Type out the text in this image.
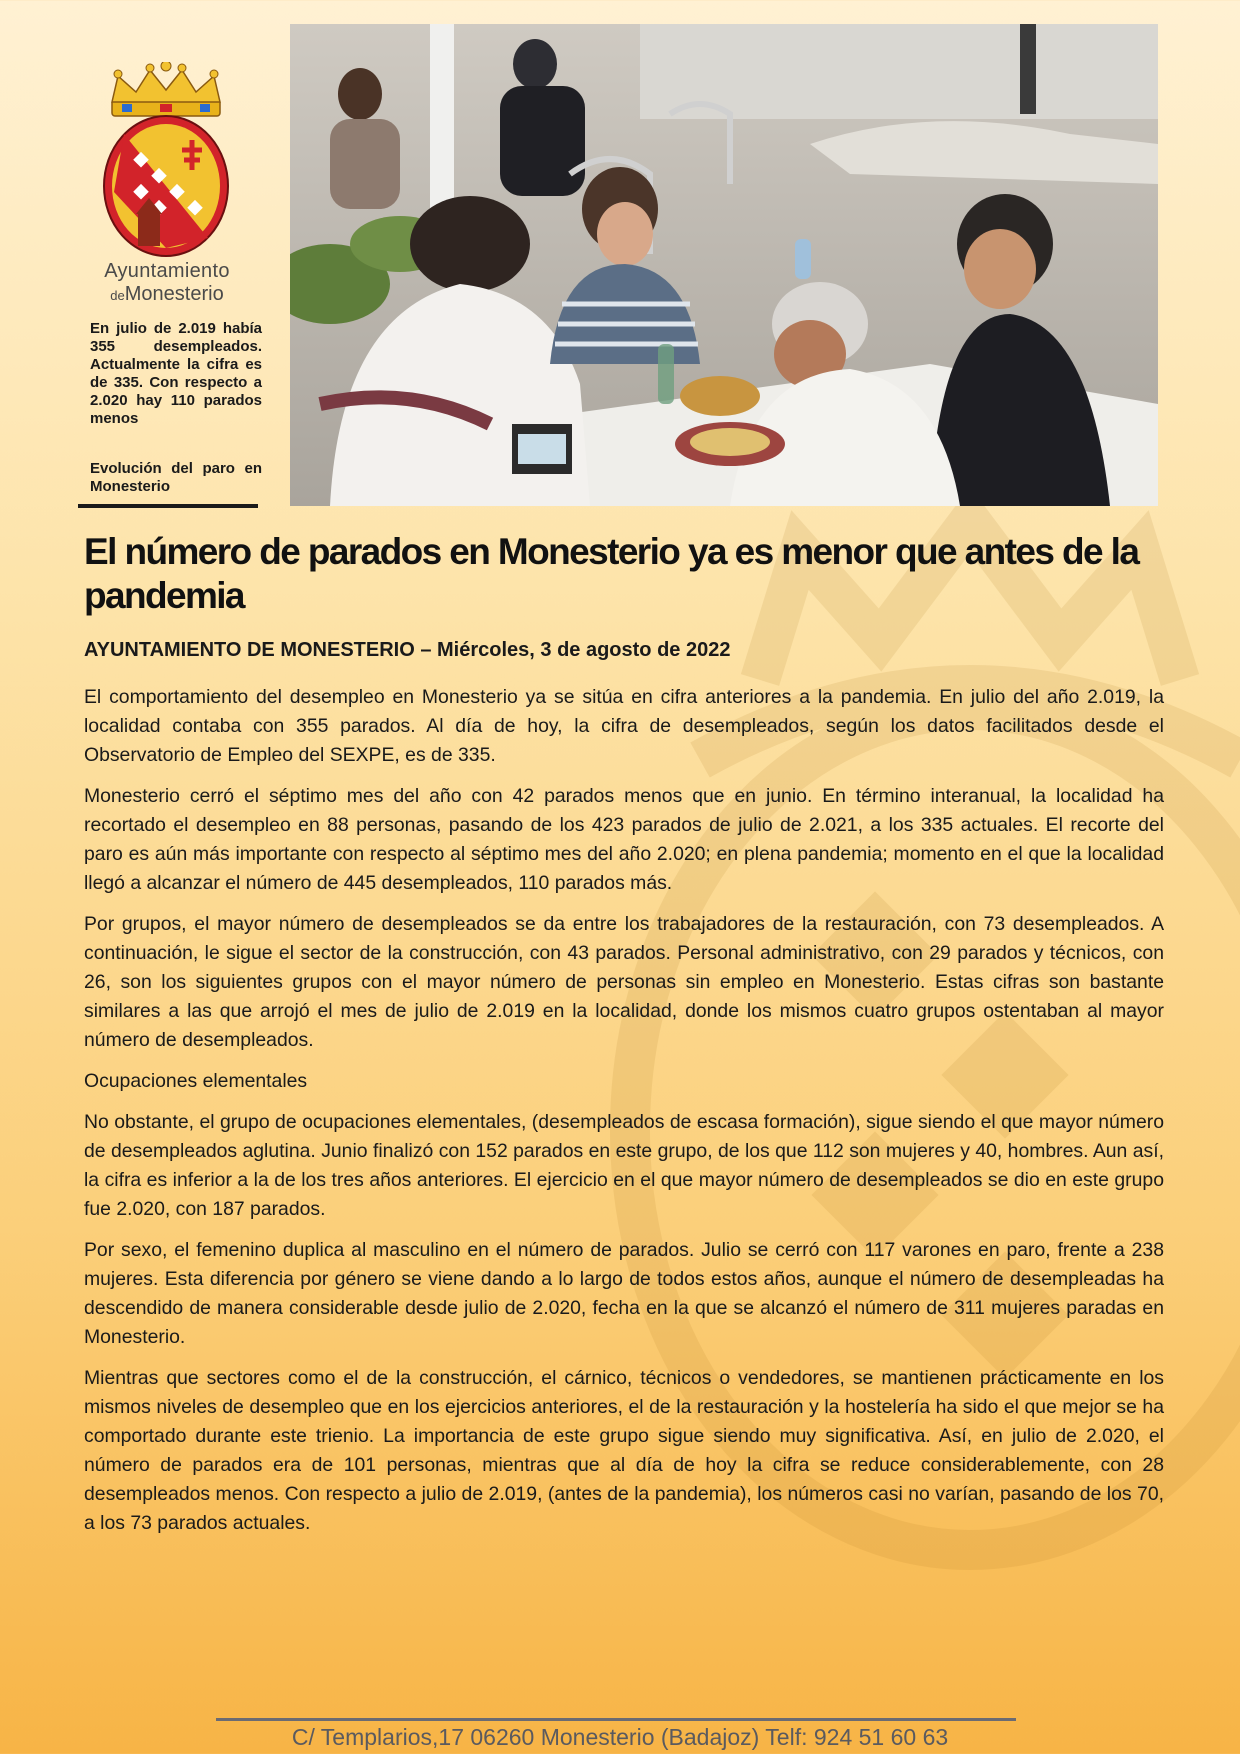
Ayuntamiento
deMonesterio
En julio de 2.019 había 355 desempleados. Actualmente la cifra es de 335. Con respecto a 2.020 hay 110 parados menos
Evolución del paro en Monesterio
El número de parados en Monesterio ya es menor que antes de la pandemia
AYUNTAMIENTO DE MONESTERIO – Miércoles, 3 de agosto de 2022

El comportamiento del desempleo en Monesterio ya se sitúa en cifra anteriores a la pandemia. En julio del año 2.019, la localidad contaba con 355 parados. Al día de hoy, la cifra de desempleados, según los datos facilitados desde el Observatorio de Empleo del SEXPE, es de 335.

Monesterio cerró el séptimo mes del año con 42 parados menos que en junio. En término interanual, la localidad ha recortado el desempleo en 88 personas, pasando de los 423 parados de julio de 2.021, a los 335 actuales. El recorte del paro es aún más importante con respecto al séptimo mes del año 2.020; en plena pandemia; momento en el que la localidad llegó a alcanzar el número de 445 desempleados, 110 parados más.

Por grupos, el mayor número de desempleados se da entre los trabajadores de la restauración, con 73 desempleados. A continuación, le sigue el sector de la construcción, con 43 parados. Personal administrativo, con 29 parados y técnicos, con 26, son los siguientes grupos con el mayor número de personas sin empleo en Monesterio. Estas cifras son bastante similares a las que arrojó el mes de julio de 2.019 en la localidad, donde los mismos cuatro grupos ostentaban al mayor número de desempleados.

Ocupaciones elementales

No obstante, el grupo de ocupaciones elementales, (desempleados de escasa formación), sigue siendo el que mayor número de desempleados aglutina. Junio finalizó con 152 parados en este grupo, de los que 112 son mujeres y 40, hombres. Aun así, la cifra es inferior a la de los tres años anteriores. El ejercicio en el que mayor número de desempleados se dio en este grupo fue 2.020, con 187 parados.

Por sexo, el femenino duplica al masculino en el número de parados. Julio se cerró con 117 varones en paro, frente a 238 mujeres. Esta diferencia por género se viene dando a lo largo de todos estos años, aunque el número de desempleadas ha descendido de manera considerable desde julio de 2.020, fecha en la que se alcanzó el número de 311 mujeres paradas en Monesterio.

Mientras que sectores como el de la construcción, el cárnico, técnicos o vendedores, se mantienen prácticamente en los mismos niveles de desempleo que en los ejercicios anteriores, el de la restauración y la hostelería ha sido el que mejor se ha comportado durante este trienio. La importancia de este grupo sigue siendo muy significativa. Así, en julio de 2.020, el número de parados era de 101 personas, mientras que al día de hoy la cifra se reduce considerablemente, con 28 desempleados menos. Con respecto a julio de 2.019, (antes de la pandemia), los números casi no varían, pasando de los 70, a los 73 parados actuales.

C/ Templarios,17 06260 Monesterio (Badajoz) Telf: 924 51 60 63
